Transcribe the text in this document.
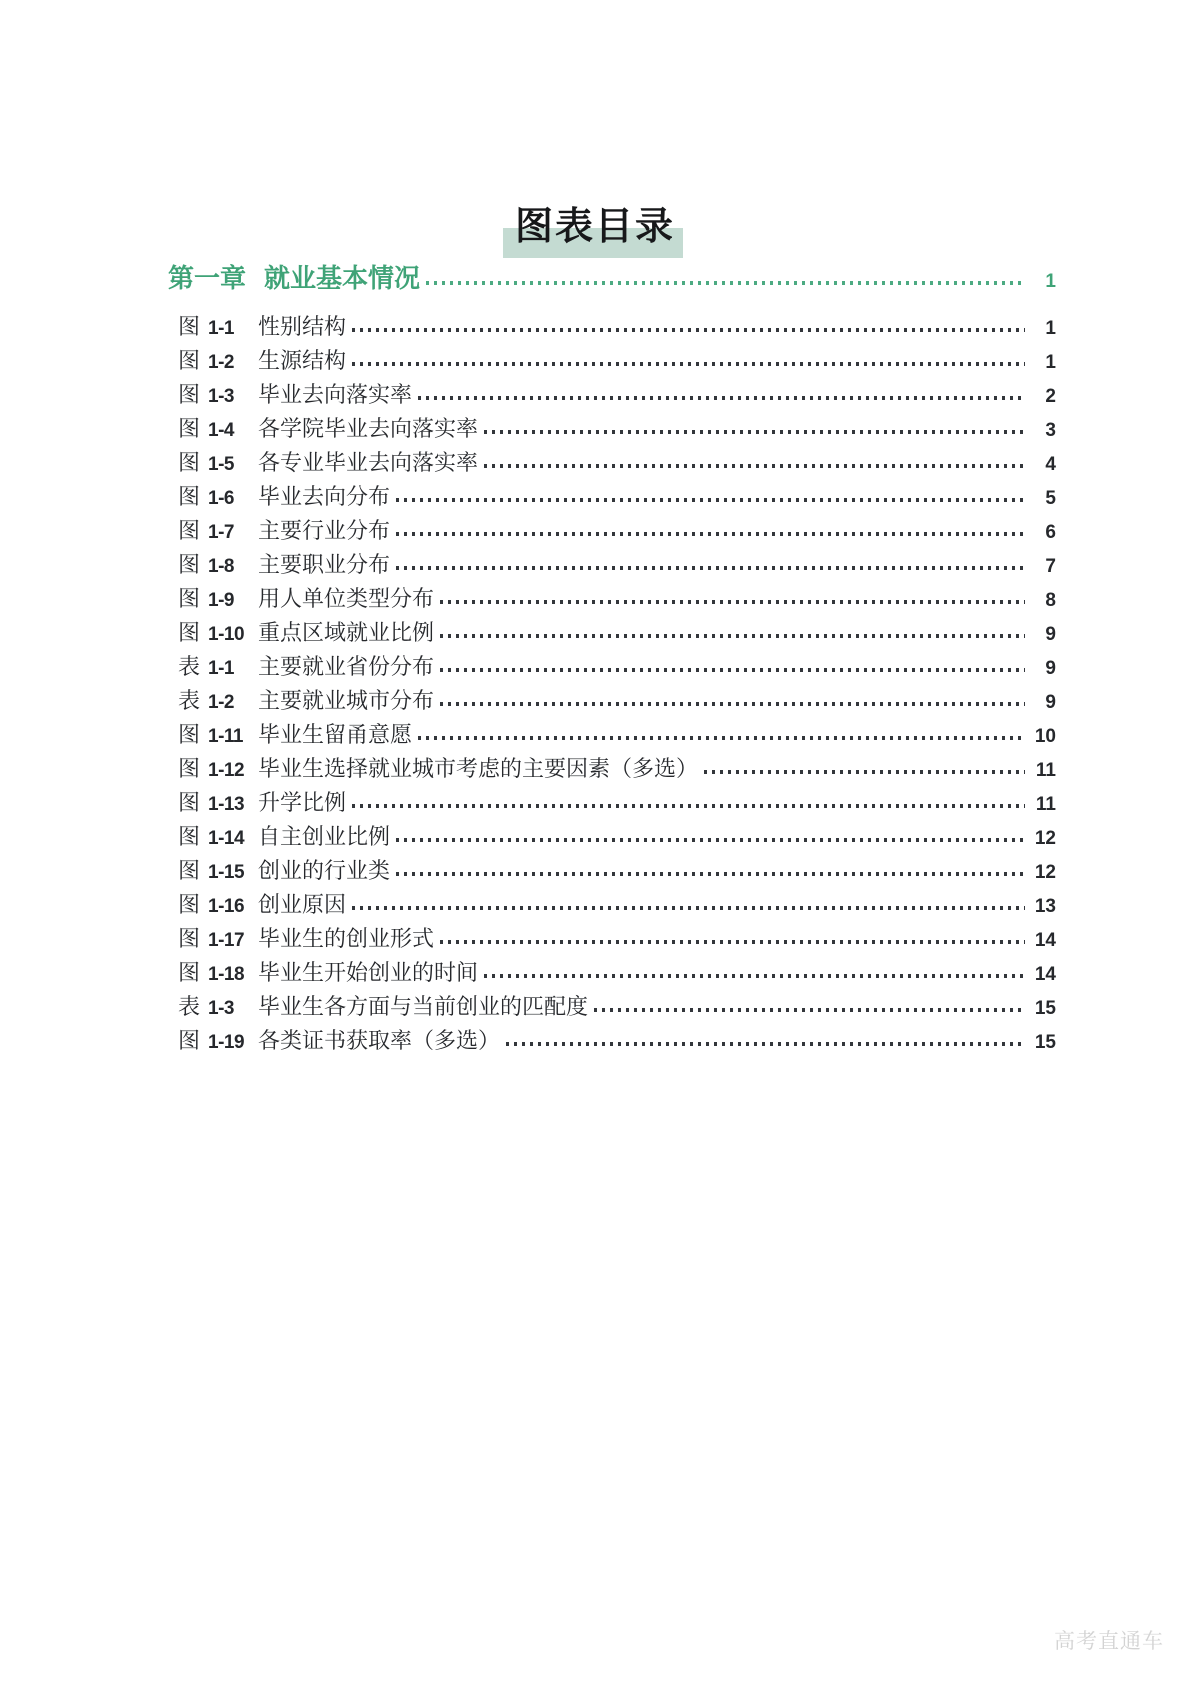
图表目录
第一章 就业基本情况	1
图 1-1	性别结构	1
图 1-2	生源结构	1
图 1-3	毕业去向落实率	2
图 1-4	各学院毕业去向落实率	3
图 1-5	各专业毕业去向落实率	4
图 1-6	毕业去向分布	5
图 1-7	主要行业分布	6
图 1-8	主要职业分布	7
图 1-9	用人单位类型分布	8
图 1-10 重点区域就业比例	9
表 1-1	主要就业省份分布	9
表 1-2	主要就业城市分布	9
图 1-11 毕业生留甬意愿	10
图 1-12 毕业生选择就业城市考虑的主要因素（多选）	11
图 1-13 升学比例	11
图 1-14 自主创业比例	12
图 1-15 创业的行业类	12
图 1-16 创业原因	13
图 1-17 毕业生的创业形式	14
图 1-18 毕业生开始创业的时间	14
表 1-3	毕业生各方面与当前创业的匹配度	15
图 1-19 各类证书获取率（多选）	15
高考直通车
